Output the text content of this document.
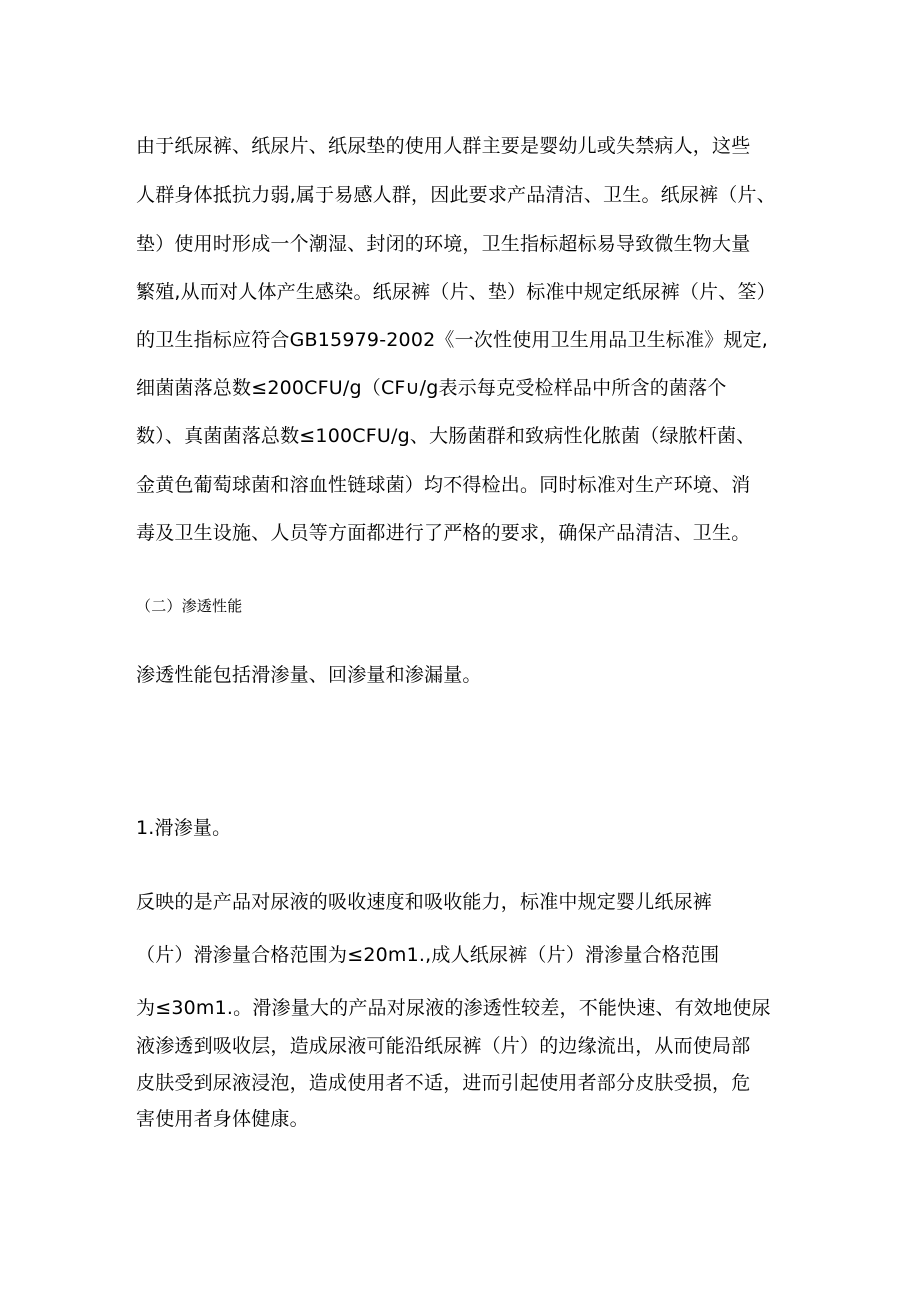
由于纸尿裤、纸尿片、纸尿垫的使用人群主要是婴幼儿或失禁病人，这些
人群身体抵抗力弱,属于易感人群，因此要求产品清洁、卫生。纸尿裤（片、
垫）使用时形成一个潮湿、封闭的环境，卫生指标超标易导致微生物大量
繁殖,从而对人体产生感染。纸尿裤（片、垫）标准中规定纸尿裤（片、筌）
的卫生指标应符合GB15979-2002《一次性使用卫生用品卫生标准》规定,
细菌菌落总数≤200CFU/g（CF∪∕g表示每克受检样品中所含的菌落个
数）、真菌菌落总数≤100CFU/g、大肠菌群和致病性化脓菌（绿脓杆菌、
金黄色葡萄球菌和溶血性链球菌）均不得检出。同时标准对生产环境、消
毒及卫生设施、人员等方面都进行了严格的要求，确保产品清洁、卫生。
（二）渗透性能
渗透性能包括滑渗量、回渗量和渗漏量。
1.滑渗量。
反映的是产品对尿液的吸收速度和吸收能力，标准中规定婴儿纸尿裤
（片）滑渗量合格范围为≤20m1.,成人纸尿裤（片）滑渗量合格范围
为≤30m1.。滑渗量大的产品对尿液的渗透性较差，不能快速、有效地使尿
液渗透到吸收层，造成尿液可能沿纸尿裤（片）的边缘流出，从而使局部
皮肤受到尿液浸泡，造成使用者不适，进而引起使用者部分皮肤受损，危
害使用者身体健康。
